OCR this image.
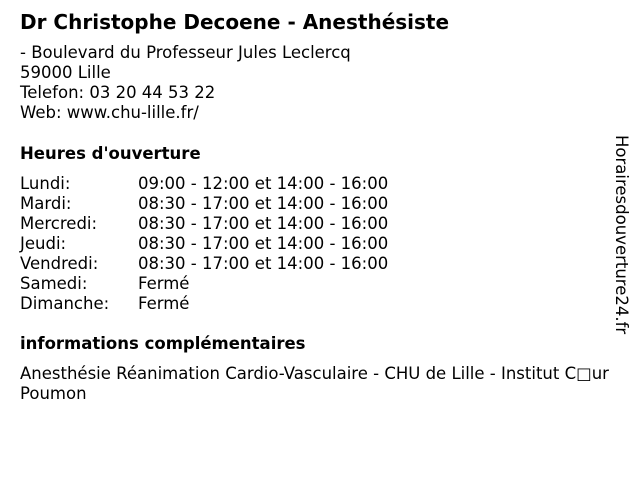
Dr Christophe Decoene - Anesthésiste
- Boulevard du Professeur Jules Leclercq
59000 Lille
Telefon: 03 20 44 53 22
Web: www.chu-lille.fr/
Heures d'ouverture
Lundi:	09:00 - 12:00 et 14:00 - 16:00
Mardi:	08:30 - 17:00 et 14:00 - 16:00
Mercredi:	08:30 - 17:00 et 14:00 - 16:00
Jeudi:	08:30 - 17:00 et 14:00 - 16:00
Vendredi:	08:30 - 17:00 et 14:00 - 16:00
Samedi:	Fermé
Dimanche:	Fermé
informations complémentaires
Anesthésie Réanimation Cardio-Vasculaire - CHU de Lille - Institut C□ur Poumon
Horairesdouverture24.fr
